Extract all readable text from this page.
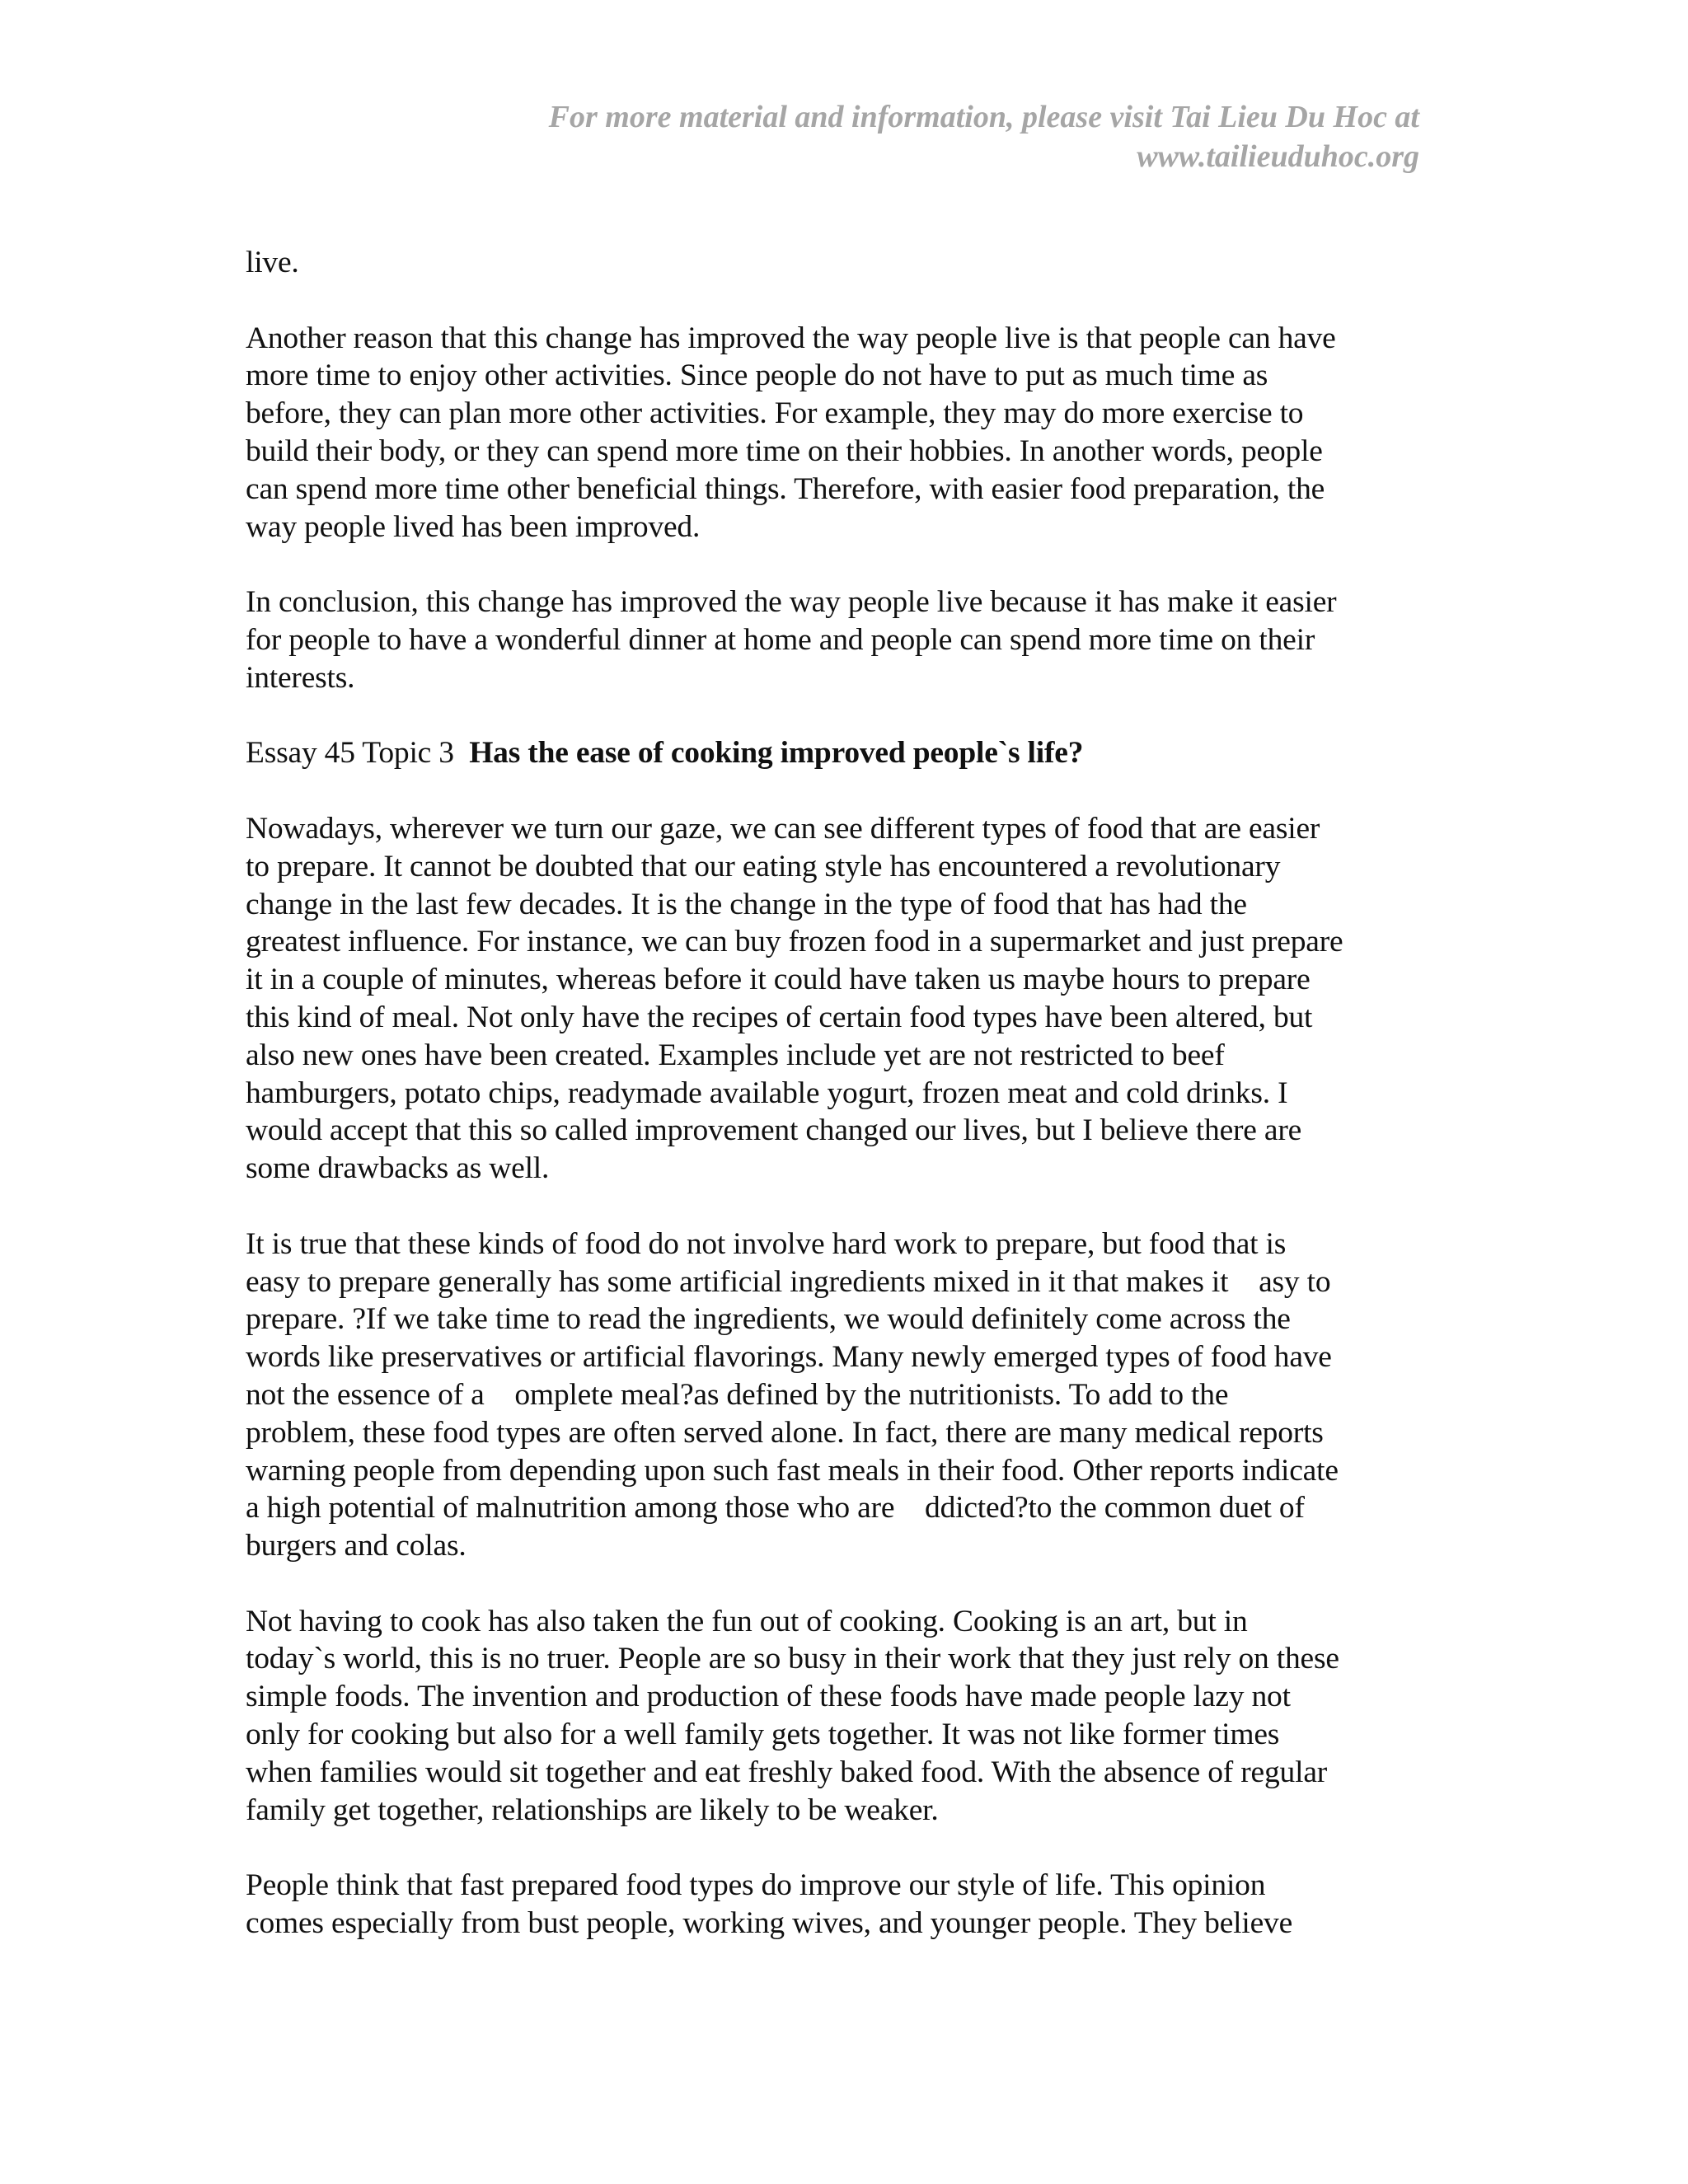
For more material and information, please visit Tai Lieu Du Hoc at
www.tailieuduhoc.org
live.
Another reason that this change has improved the way people live is that people can have
more time to enjoy other activities. Since people do not have to put as much time as
before, they can plan more other activities. For example, they may do more exercise to
build their body, or they can spend more time on their hobbies. In another words, people
can spend more time other beneficial things. Therefore, with easier food preparation, the
way people lived has been improved.
In conclusion, this change has improved the way people live because it has make it easier
for people to have a wonderful dinner at home and people can spend more time on their
interests.
Essay 45 Topic 3  Has the ease of cooking improved people`s life?
Nowadays, wherever we turn our gaze, we can see different types of food that are easier
to prepare. It cannot be doubted that our eating style has encountered a revolutionary
change in the last few decades. It is the change in the type of food that has had the
greatest influence. For instance, we can buy frozen food in a supermarket and just prepare
it in a couple of minutes, whereas before it could have taken us maybe hours to prepare
this kind of meal. Not only have the recipes of certain food types have been altered, but
also new ones have been created. Examples include yet are not restricted to beef
hamburgers, potato chips, readymade available yogurt, frozen meat and cold drinks. I
would accept that this so called improvement changed our lives, but I believe there are
some drawbacks as well.
It is true that these kinds of food do not involve hard work to prepare, but food that is
easy to prepare generally has some artificial ingredients mixed in it that makes it    asy to
prepare. ?If we take time to read the ingredients, we would definitely come across the
words like preservatives or artificial flavorings. Many newly emerged types of food have
not the essence of a    omplete meal?as defined by the nutritionists. To add to the
problem, these food types are often served alone. In fact, there are many medical reports
warning people from depending upon such fast meals in their food. Other reports indicate
a high potential of malnutrition among those who are    ddicted?to the common duet of
burgers and colas.
Not having to cook has also taken the fun out of cooking. Cooking is an art, but in
today`s world, this is no truer. People are so busy in their work that they just rely on these
simple foods. The invention and production of these foods have made people lazy not
only for cooking but also for a well family gets together. It was not like former times
when families would sit together and eat freshly baked food. With the absence of regular
family get together, relationships are likely to be weaker.
People think that fast prepared food types do improve our style of life. This opinion
comes especially from bust people, working wives, and younger people. They believe
